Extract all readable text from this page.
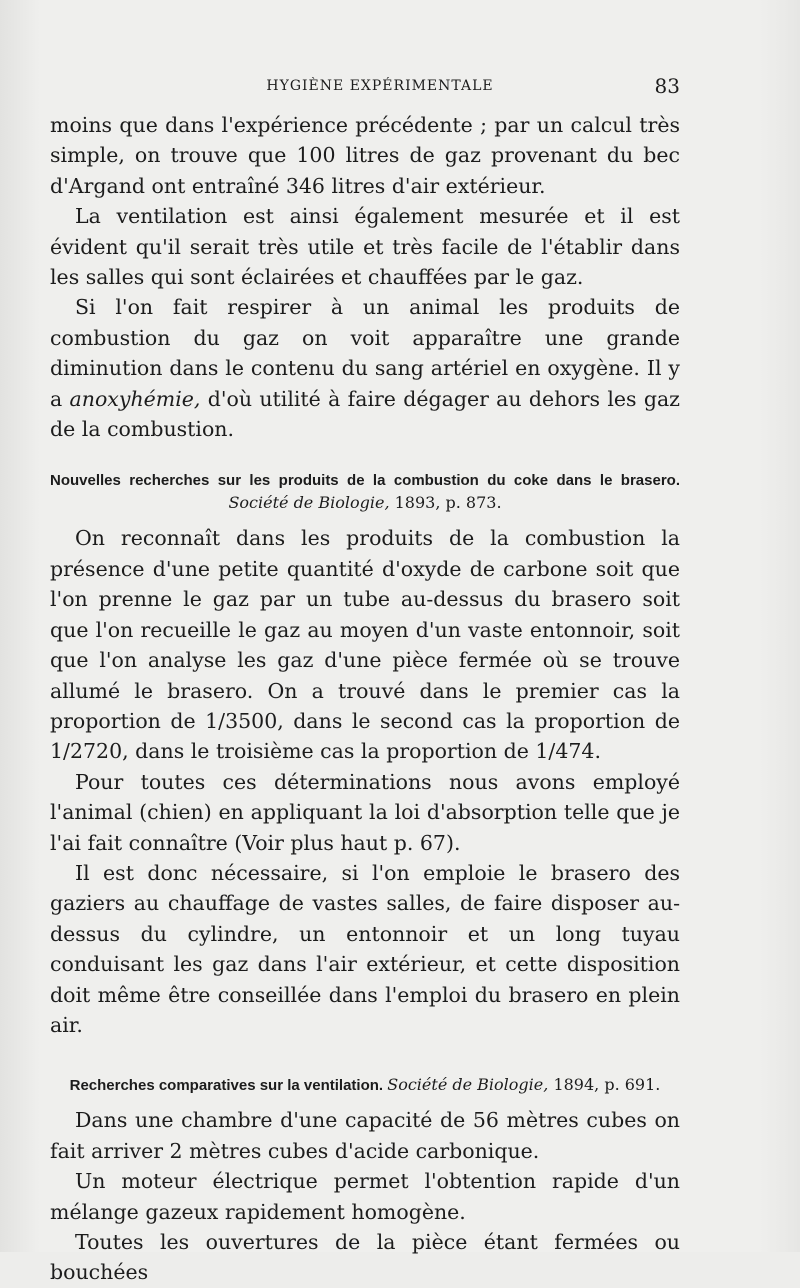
HYGIÈNE EXPÉRIMENTALE	83

moins que dans l'expérience précédente ; par un calcul très simple, on trouve que 100 litres de gaz provenant du bec d'Argand ont entraîné 346 litres d'air extérieur.

La ventilation est ainsi également mesurée et il est évident qu'il serait très utile et très facile de l'établir dans les salles qui sont éclairées et chauffées par le gaz.

Si l'on fait respirer à un animal les produits de combustion du gaz on voit apparaître une grande diminution dans le contenu du sang artériel en oxygène. Il y a anoxyhémie, d'où utilité à faire dégager au dehors les gaz de la combustion.

Nouvelles recherches sur les produits de la combustion du coke dans le brasero. Société de Biologie, 1893, p. 873.

On reconnaît dans les produits de la combustion la présence d'une petite quantité d'oxyde de carbone soit que l'on prenne le gaz par un tube au-dessus du brasero soit que l'on recueille le gaz au moyen d'un vaste entonnoir, soit que l'on analyse les gaz d'une pièce fermée où se trouve allumé le brasero. On a trouvé dans le premier cas la proportion de 1/3500, dans le second cas la proportion de 1/2720, dans le troisième cas la proportion de 1/474.

Pour toutes ces déterminations nous avons employé l'animal (chien) en appliquant la loi d'absorption telle que je l'ai fait connaître (Voir plus haut p. 67).

Il est donc nécessaire, si l'on emploie le brasero des gaziers au chauffage de vastes salles, de faire disposer au-dessus du cylindre, un entonnoir et un long tuyau conduisant les gaz dans l'air extérieur, et cette disposition doit même être conseillée dans l'emploi du brasero en plein air.

Recherches comparatives sur la ventilation. Société de Biologie, 1894, p. 691.

Dans une chambre d'une capacité de 56 mètres cubes on fait arriver 2 mètres cubes d'acide carbonique.

Un moteur électrique permet l'obtention rapide d'un mélange gazeux rapidement homogène.

Toutes les ouvertures de la pièce étant fermées ou bouchées
